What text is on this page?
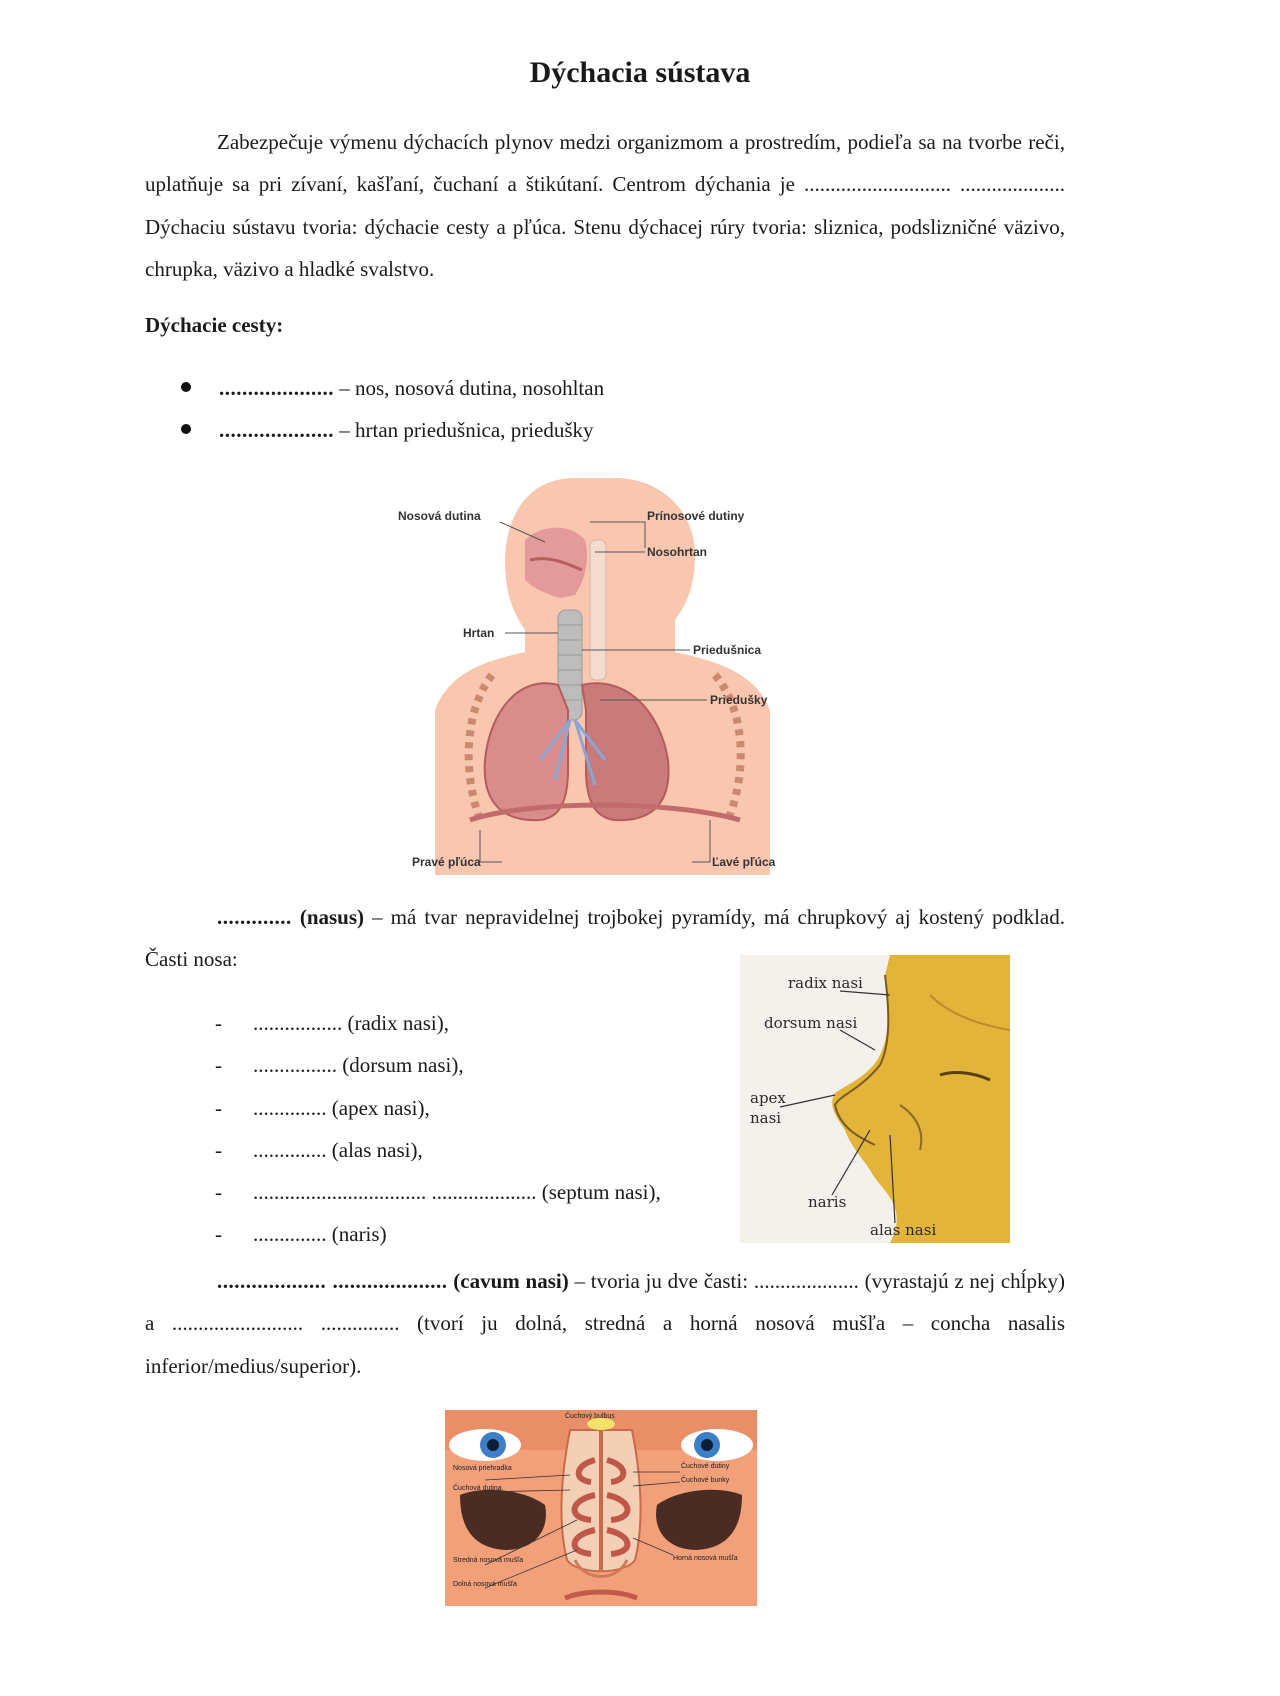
Dýchacia sústava

Zabezpečuje výmenu dýchacích plynov medzi organizmom a prostredím, podieľa sa na tvorbe reči, uplatňuje sa pri zívaní, kašľaní, čuchaní a štikútaní. Centrom dýchania je ............................ .................... Dýchaciu sústavu tvoria: dýchacie cesty a pľúca. Stenu dýchacej rúry tvoria: sliznica, podslizničné väzivo, chrupka, väzivo a hladké svalstvo.

Dýchacie cesty:

.................... – nos, nosová dutina, nosohltan
.................... – hrtan priedušnica, priedušky
Nosová dutina	Prínosové dutiny
Nosohrtan
Hrtan
Priedušnica
Priedušky
Pravé pľúca	Ľavé pľúca

............. (nasus) – má tvar nepravidelnej trojbokej pyramídy, má chrupkový aj kostený podklad. Časti nosa:

- ................. (radix nasi),
- ................ (dorsum nasi),
- .............. (apex nasi),
- .............. (alas nasi),
- ................................. .................... (septum nasi),
- .............. (naris)
radix nasi
dorsum nasi
apex
nasi
naris
alas nasi

................... .................... (cavum nasi) – tvoria ju dve časti: .................... (vyrastajú z nej chĺpky) a ......................... ............... (tvorí ju dolná, stredná a horná nosová mušľa – concha nasalis inferior/medius/superior).

Čuchový bulbus
Nosová priehradka
Čuchová dutina
Čuchové dutiny
Čuchové bunky
Stredná nosová mušľa
Dolná nosová mušľa
Horná nosová mušľa
